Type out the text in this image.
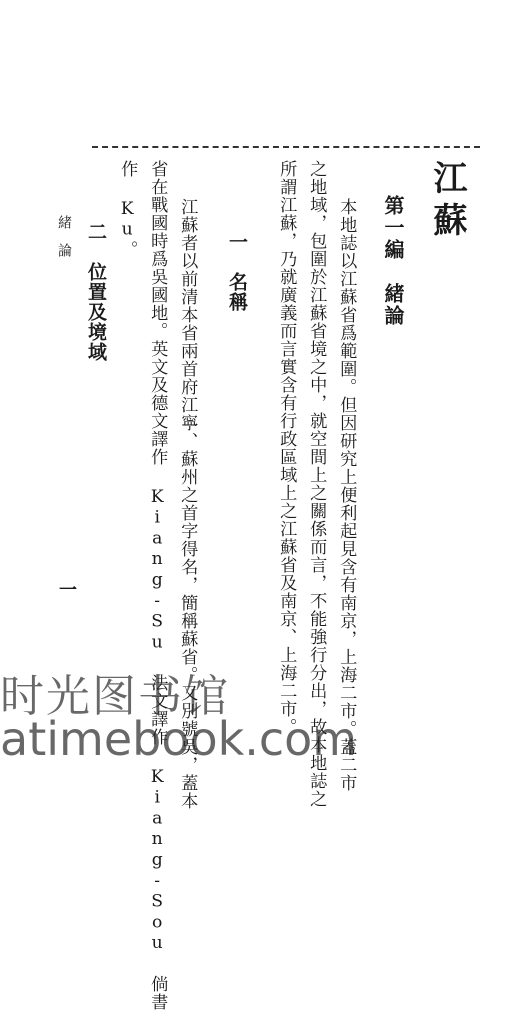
江蘇
第一編　緒論
本地誌以江蘇省爲範圍。但因研究上便利起見含有南京，上海二市。蓋二市
之地域，包圍於江蘇省境之中，就空間上之關係而言，不能強行分出，故本地誌之
所謂江蘇，乃就廣義而言實含有行政區域上之江蘇省及南京、上海二市。
一　名稱
江蘇者以前清本省兩首府江寧、蘇州之首字得名，簡稱蘇省。又別號吳，蓋本
省在戰國時爲吳國地。英文及德文譯作 Kiang-Su 法文譯作 Kiang-Sou 倘書
作 Ku。
二　位置及境域
緒論
一
时光图书馆
atimebook.com
